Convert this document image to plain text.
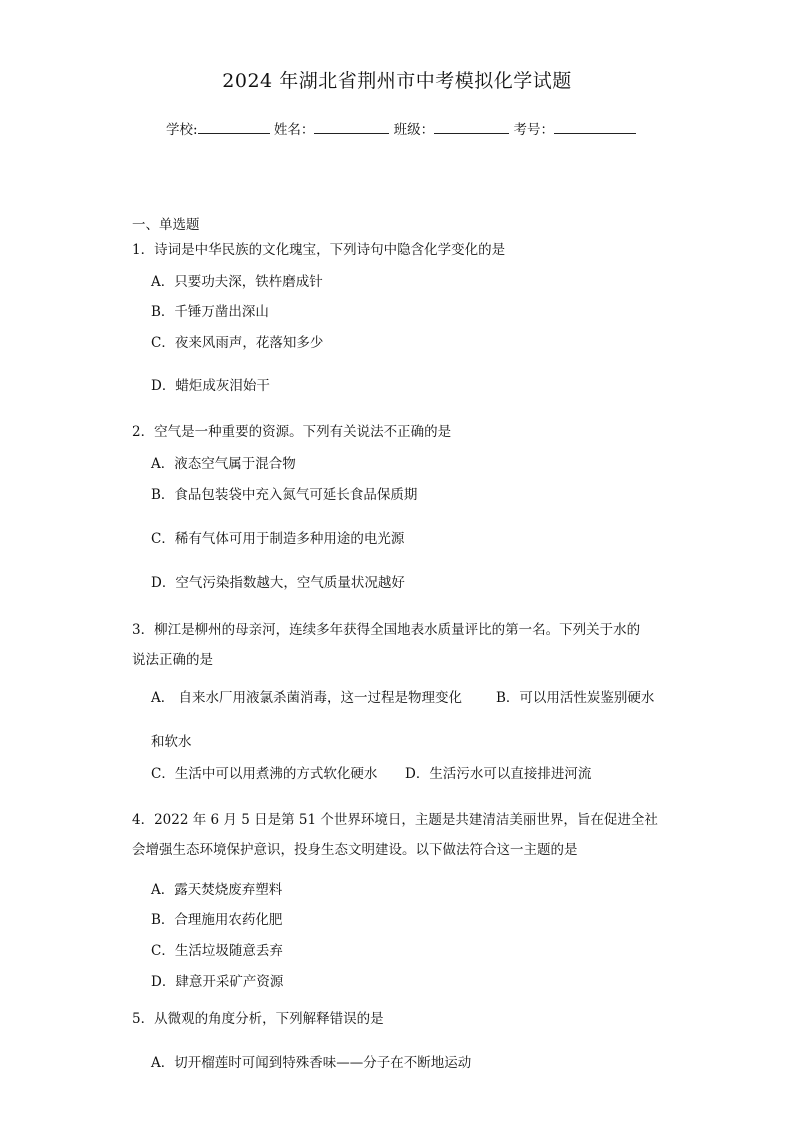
2024 年湖北省荆州市中考模拟化学试题
学校:	姓名：	班级：	考号：
一、单选题
1．诗词是中华民族的文化瑰宝，下列诗句中隐含化学变化的是
A．只要功夫深，铁杵磨成针
B．千锤万凿出深山
C．夜来风雨声，花落知多少
D．蜡炬成灰泪始干
2．空气是一种重要的资源。下列有关说法不正确的是
A．液态空气属于混合物
B．食品包装袋中充入氮气可延长食品保质期
C．稀有气体可用于制造多种用途的电光源
D．空气污染指数越大，空气质量状况越好
3．柳江是柳州的母亲河，连续多年获得全国地表水质量评比的第一名。下列关于水的
说法正确的是
A． 自来水厂用液氯杀菌消毒，这一过程是物理变化	B．可以用活性炭鉴别硬水
和软水
C．生活中可以用煮沸的方式软化硬水 D．生活污水可以直接排进河流
4．2022 年 6 月 5 日是第 51 个世界环境日，主题是共建清洁美丽世界，旨在促进全社
会增强生态环境保护意识，投身生态文明建设。以下做法符合这一主题的是
A．露天焚烧废弃塑料
B．合理施用农药化肥
C．生活垃圾随意丢弃
D．肆意开采矿产资源
5．从微观的角度分析，下列解释错误的是
A．切开榴莲时可闻到特殊香味——分子在不断地运动
